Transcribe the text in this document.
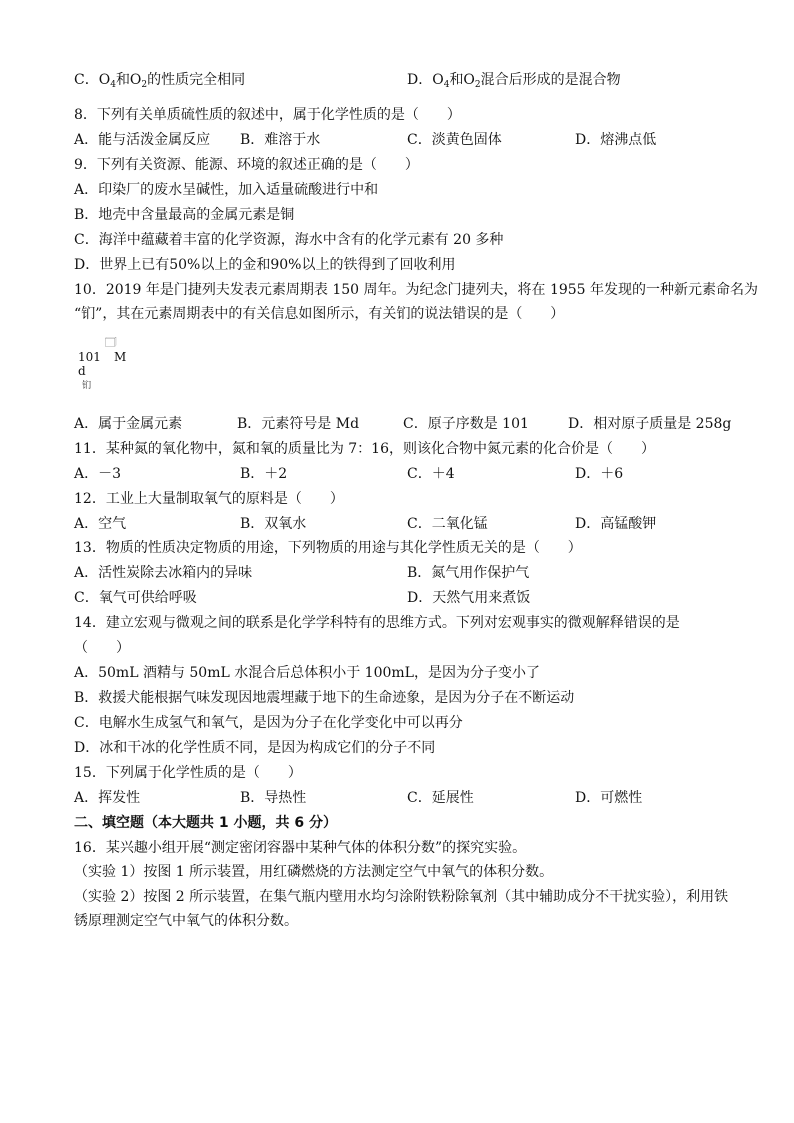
C．$O_4$和$O_2$的性质完全相同	D．$O_4$和$O_2$混合后形成的是混合物
8．下列有关单质硫性质的叙述中，属于化学性质的是（　　）
A．能与活泼金属反应 B．难溶于水	C．淡黄色固体	D．熔沸点低
9．下列有关资源、能源、环境的叙述正确的是（　　）
A．印染厂的废水呈碱性，加入适量硫酸进行中和
B．地壳中含量最高的金属元素是铜
C．海洋中蕴藏着丰富的化学资源，海水中含有的化学元素有 20 多种
D．世界上已有50%以上的金和90%以上的铁得到了回收利用
10．2019 年是门捷列夫发表元素周期表 150 周年。为纪念门捷列夫，将在 1955 年发现的一种新元素命名为
“钔”，其在元素周期表中的有关信息如图所示，有关钔的说法错误的是（　　）
101 M
d
钔
A．属于金属元素	B．元素符号是 Md	C．原子序数是 101	D．相对原子质量是 258g
11．某种氮的氧化物中，氮和氧的质量比为 7：16，则该化合物中氮元素的化合价是（　　）
A．－3	B．＋2	C．＋4	D．＋6
12．工业上大量制取氧气的原料是（　　）
A．空气	B．双氧水	C．二氧化锰	D．高锰酸钾
13．物质的性质决定物质的用途，下列物质的用途与其化学性质无关的是（　　）
A．活性炭除去冰箱内的异味	B．氮气用作保护气
C．氧气可供给呼吸	D．天然气用来煮饭
14．建立宏观与微观之间的联系是化学学科特有的思维方式。下列对宏观事实的微观解释错误的是
（　　）
A．50mL 酒精与 50mL 水混合后总体积小于 100mL，是因为分子变小了
B．救援犬能根据气味发现因地震埋藏于地下的生命迹象，是因为分子在不断运动
C．电解水生成氢气和氧气，是因为分子在化学变化中可以再分
D．冰和干冰的化学性质不同，是因为构成它们的分子不同
15．下列属于化学性质的是（　　）
A．挥发性	B．导热性	C．延展性	D．可燃性
二、填空题（本大题共 1 小题，共 6 分）
16．某兴趣小组开展“测定密闭容器中某种气体的体积分数”的探究实验。
（实验 1）按图 1 所示装置，用红磷燃烧的方法测定空气中氧气的体积分数。
（实验 2）按图 2 所示装置，在集气瓶内壁用水均匀涂附铁粉除氧剂（其中辅助成分不干扰实验），利用铁
锈原理测定空气中氧气的体积分数。
